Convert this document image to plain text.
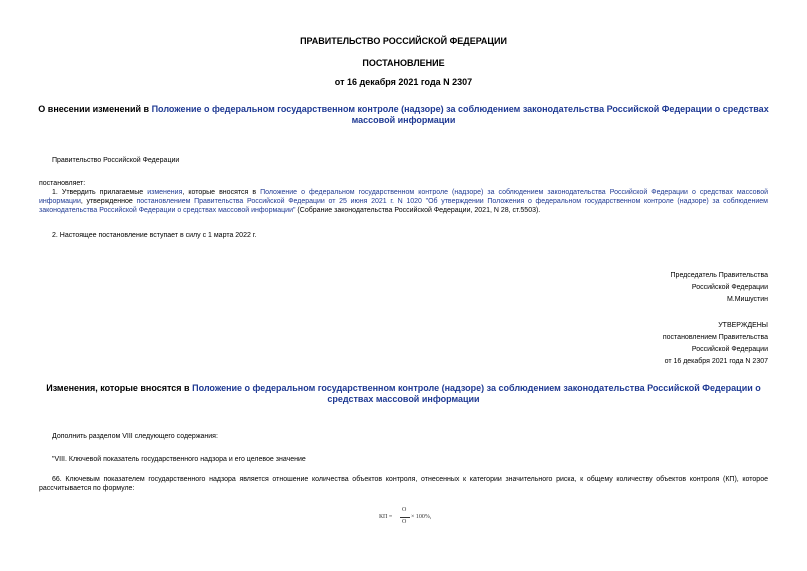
ПРАВИТЕЛЬСТВО РОССИЙСКОЙ ФЕДЕРАЦИИ
ПОСТАНОВЛЕНИЕ
от 16 декабря 2021 года N 2307
О внесении изменений в Положение о федеральном государственном контроле (надзоре) за соблюдением законодательства Российской Федерации о средствах массовой информации
Правительство Российской Федерации
постановляет:
1. Утвердить прилагаемые изменения, которые вносятся в Положение о федеральном государственном контроле (надзоре) за соблюдением законодательства Российской Федерации о средствах массовой информации, утвержденное постановлением Правительства Российской Федерации от 25 июня 2021 г. N 1020 "Об утверждении Положения о федеральном государственном контроле (надзоре) за соблюдением законодательства Российской Федерации о средствах массовой информации" (Собрание законодательства Российской Федерации, 2021, N 28, ст.5503).
2. Настоящее постановление вступает в силу с 1 марта 2022 г.
Председатель Правительства
Российской Федерации
М.Мишустин
УТВЕРЖДЕНЫ
постановлением Правительства
Российской Федерации
от 16 декабря 2021 года N 2307
Изменения, которые вносятся в Положение о федеральном государственном контроле (надзоре) за соблюдением законодательства Российской Федерации о средствах массовой информации
Дополнить разделом VIII следующего содержания:
"VIII. Ключевой показатель государственного надзора и его целевое значение
66. Ключевым показателем государственного надзора является отношение количества объектов контроля, отнесенных к категории значительного риска, к общему количеству объектов контроля (КП), которое рассчитывается по формуле:
КП =
О
О
× 100%,
